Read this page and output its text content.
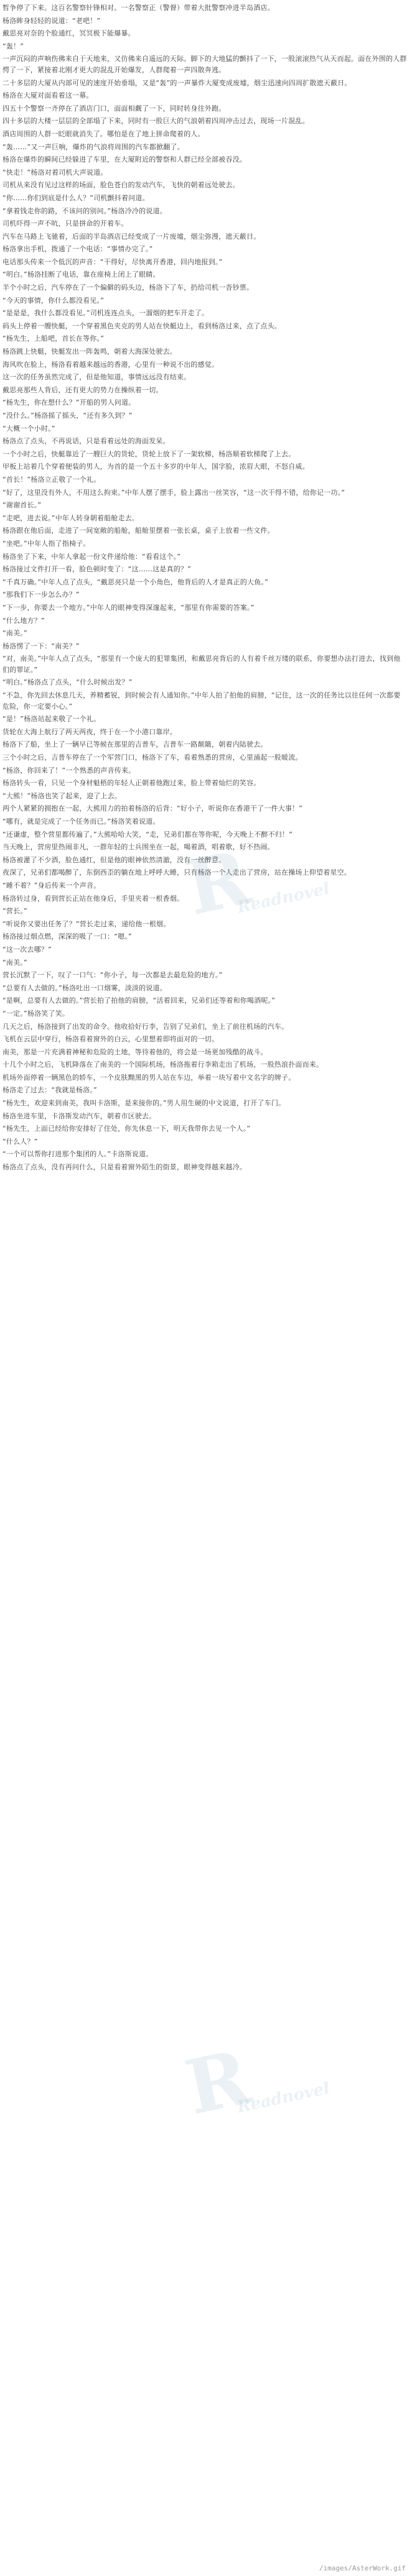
暂争停了下来。这百名警察针锋相对。一名警察正（警督）带着大批警察冲进半岛酒店。

杨洛眸身轻轻的说道：“老吧！”

戴思亮对奈的个脸通红，冥冥极下能爆暴。

“轰！”

一声沉闷的声响伤佛来自于天地来，又仿佛来自遥远的天际。脚下的大地猛的颤抖了一下，一股滚滚热气从天而起。面在外围的人群愕了一下，紧接着北刚才更大的混乱开始爆发，人群爬着一声四散奔逃。

二十多层的大厦从内部可见的速度开始垂塌，又是“轰”的一声暴炸大厦变成废墟，烟尘迅速向四周扩散遮天蔽日。

杨洛在大厦对面看着这一幕。

四五十个警察一齐停在了酒店门口，面面相觑了一下，同时转身往外跑。

四十多层的大楼一层层的全部塌了下来，同时有一股巨大的气浪朝着四周冲击过去，现场一片混乱。

酒店周围的人群一眨眼就消失了。哪怕是在了地上拼命爬着的人。

“轰……”又一声巨响，爆炸的气浪将周围的汽车都掀翻了。

杨洛在爆炸的瞬间已经躲进了车里，在大厦附近的警察和人群已经全部被吞没。

“快走！”杨洛对着司机大声说道。

司机从来没有见过这样的场面，脸色苍白的发动汽车，飞快的朝着远处驶去。

“你……你们到底是什么人？”司机颤抖着问道。

“拿着钱走你的路，不该问的别问。”杨洛冷冷的说道。

司机吓得一声不吭，只是拼命的开着车。

汽车在马路上飞驰着，后面的半岛酒店已经变成了一片废墟，烟尘弥漫，遮天蔽日。

杨洛拿出手机，拨通了一个电话：“事情办完了。”

电话那头传来一个低沉的声音：“干得好，尽快离开香港，回内地报到。”

“明白。”杨洛挂断了电话，靠在座椅上闭上了眼睛。

半个小时之后，汽车停在了一个偏僻的码头边，杨洛下了车，扔给司机一沓钞票。

“今天的事情，你什么都没看见。”

“是是是，我什么都没看见。”司机连连点头，一溜烟的把车开走了。

码头上停着一艘快艇，一个穿着黑色夹克的男人站在快艇边上，看到杨洛过来，点了点头。

“杨先生，上船吧，首长在等你。”

杨洛跳上快艇，快艇发出一阵轰鸣，朝着大海深处驶去。

海风吹在脸上，杨洛看着越来越远的香港，心里有一种说不出的感觉。

这一次的任务虽然完成了，但是他知道，事情远远没有结束。

戴思亮那些人背后，还有更大的势力在操纵着一切。

“杨先生，你在想什么？”开船的男人问道。

“没什么。”杨洛摇了摇头，“还有多久到？”

“大概一个小时。”

杨洛点了点头，不再说话，只是看着远处的海面发呆。

一个小时之后，快艇靠近了一艘巨大的货轮，货轮上放下了一架软梯，杨洛顺着软梯爬了上去。

甲板上站着几个穿着便装的男人，为首的是一个五十多岁的中年人，国字脸，浓眉大眼，不怒自威。

“首长！”杨洛立正敬了一个礼。

“好了，这里没有外人，不用这么拘束。”中年人摆了摆手，脸上露出一丝笑容，“这一次干得不错，给你记一功。”

“谢谢首长。”

“走吧，进去说。”中年人转身朝着船舱走去。

杨洛跟在他后面，走进了一间宽敞的船舱，船舱里摆着一张长桌，桌子上放着一些文件。

“坐吧。”中年人指了指椅子。

杨洛坐了下来，中年人拿起一份文件递给他：“看看这个。”

杨洛接过文件打开一看，脸色顿时变了：“这……这是真的？”

“千真万确。”中年人点了点头，“戴思亮只是一个小角色，他背后的人才是真正的大鱼。”

“那我们下一步怎么办？”

“下一步，你要去一个地方。”中年人的眼神变得深邃起来，“那里有你需要的答案。”

“什么地方？”

“南美。”

杨洛愣了一下：“南美？”

“对，南美。”中年人点了点头，“那里有一个庞大的犯罪集团，和戴思亮背后的人有着千丝万缕的联系，你要想办法打进去，找到他们的罪证。”

“明白。”杨洛点了点头，“什么时候出发？”

“不急，你先回去休息几天，养精蓄锐，到时候会有人通知你。”中年人拍了拍他的肩膀，“记住，这一次的任务比以往任何一次都要危险，你一定要小心。”

“是！”杨洛站起来敬了一个礼。

货轮在大海上航行了两天两夜，终于在一个小港口靠岸。

杨洛下了船，坐上了一辆早已等候在那里的吉普车，吉普车一路颠簸，朝着内陆驶去。

三个小时之后，吉普车停在了一个军营门口，杨洛下了车，看着熟悉的营房，心里涌起一股暖流。

“杨洛，你回来了！”一个熟悉的声音传来。

杨洛转头一看，只见一个身材魁梧的年轻人正朝着他跑过来，脸上带着灿烂的笑容。

“大熊！”杨洛也笑了起来，迎了上去。

两个人紧紧的拥抱在一起，大熊用力的拍着杨洛的后背：“好小子，听说你在香港干了一件大事！”

“哪有，就是完成了一个任务而已。”杨洛笑着说道。

“还谦虚，整个营里都传遍了。”大熊哈哈大笑，“走，兄弟们都在等你呢，今天晚上不醉不归！”

当天晚上，营房里热闹非凡，一群年轻的士兵围坐在一起，喝着酒，唱着歌，好不热闹。

杨洛被灌了不少酒，脸色通红，但是他的眼神依然清澈，没有一丝醉意。

夜深了，兄弟们都喝醉了，东倒西歪的躺在地上呼呼大睡，只有杨洛一个人走出了营房，站在操场上仰望着星空。

“睡不着？”身后传来一个声音。

杨洛转过身，看到营长正站在他身后，手里夹着一根香烟。

“营长。”

“听说你又要出任务了？”营长走过来，递给他一根烟。

杨洛接过烟点燃，深深的吸了一口：“嗯。”

“这一次去哪？”

“南美。”

营长沉默了一下，叹了一口气：“你小子，每一次都是去最危险的地方。”

“总要有人去做的。”杨洛吐出一口烟雾，淡淡的说道。

“是啊，总要有人去做的。”营长拍了拍他的肩膀，“活着回来，兄弟们还等着和你喝酒呢。”

“一定。”杨洛笑了笑。

几天之后，杨洛接到了出发的命令。他收拾好行李，告别了兄弟们，坐上了前往机场的汽车。

飞机在云层中穿行，杨洛看着窗外的白云，心里想着即将面对的一切。

南美，那是一片充满着神秘和危险的土地，等待着他的，将会是一场更加残酷的战斗。

十几个小时之后，飞机降落在了南美的一个国际机场，杨洛拖着行李箱走出了机场，一股热浪扑面而来。

机场外面停着一辆黑色的轿车，一个皮肤黝黑的男人站在车边，举着一块写着中文名字的牌子。

杨洛走了过去：“我就是杨洛。”

“杨先生，欢迎来到南美，我叫卡洛斯，是来接你的。”男人用生硬的中文说道，打开了车门。

杨洛坐进车里，卡洛斯发动汽车，朝着市区驶去。

“杨先生，上面已经给你安排好了住处，你先休息一下，明天我带你去见一个人。”

“什么人？”

“一个可以帮你打进那个集团的人。”卡洛斯说道。

杨洛点了点头，没有再问什么，只是看着窗外陌生的街景，眼神变得越来越冷。

R
Readnovel
R
Readnovel
/images/AsterWork.gif
